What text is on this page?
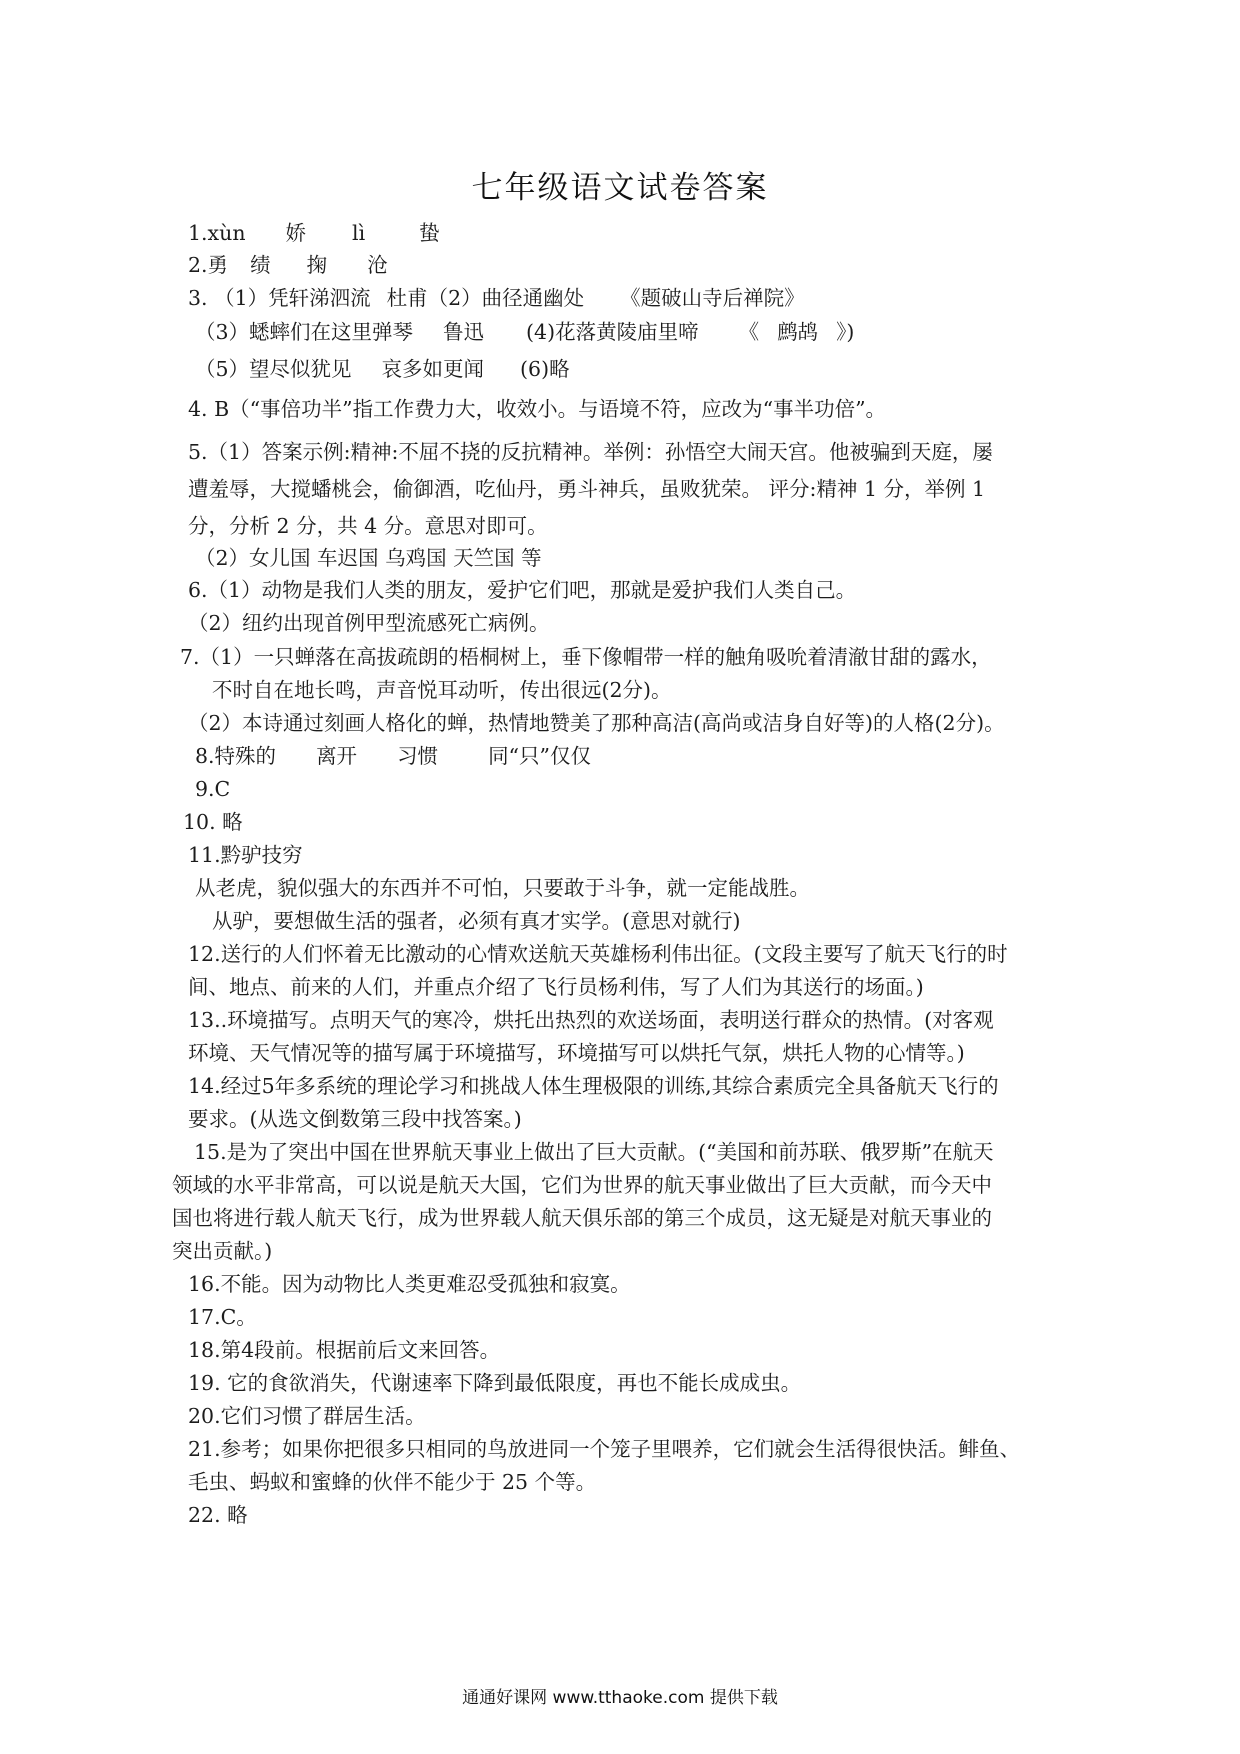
七年级语文试卷答案
1.xùn 娇 lì	蛰
2.勇 绩 掬 沧
3. （1）凭轩涕泗流 杜甫（2）曲径通幽处 《题破山寺后禅院》
（3）蟋蟀们在这里弹琴 鲁迅 (4)花落黄陵庙里啼 《 鹧鸪 》)
（5）望尽似犹见 哀多如更闻 (6)略
4. B（“事倍功半”指工作费力大，收效小。与语境不符，应改为“事半功倍”。
5.（1）答案示例:精神:不屈不挠的反抗精神。举例：孙悟空大闹天宫。他被骗到天庭，屡
遭羞辱，大搅蟠桃会，偷御酒，吃仙丹，勇斗神兵，虽败犹荣。 评分:精神 1 分，举例 1
分，分析 2 分，共 4 分。意思对即可。
（2）女儿国 车迟国 乌鸡国 天竺国 等
6.（1）动物是我们人类的朋友，爱护它们吧，那就是爱护我们人类自己。
（2）纽约出现首例甲型流感死亡病例。
7.（1）一只蝉落在高拔疏朗的梧桐树上，垂下像帽带一样的触角吸吮着清澈甘甜的露水，
不时自在地长鸣，声音悦耳动听，传出很远(2分)。
（2）本诗通过刻画人格化的蝉，热情地赞美了那种高洁(高尚或洁身自好等)的人格(2分)。
8.特殊的 离开 习惯 同“只”仅仅
9.C
10. 略
11.黔驴技穷
从老虎，貌似强大的东西并不可怕，只要敢于斗争，就一定能战胜。
从驴，要想做生活的强者，必须有真才实学。(意思对就行)
12.送行的人们怀着无比激动的心情欢送航天英雄杨利伟出征。(文段主要写了航天飞行的时
间、地点、前来的人们，并重点介绍了飞行员杨利伟，写了人们为其送行的场面。)
13..环境描写。点明天气的寒冷，烘托出热烈的欢送场面，表明送行群众的热情。(对客观
环境、天气情况等的描写属于环境描写，环境描写可以烘托气氛，烘托人物的心情等。)
14.经过5年多系统的理论学习和挑战人体生理极限的训练,其综合素质完全具备航天飞行的
要求。(从选文倒数第三段中找答案。)
15.是为了突出中国在世界航天事业上做出了巨大贡献。(“美国和前苏联、俄罗斯”在航天
领域的水平非常高，可以说是航天大国，它们为世界的航天事业做出了巨大贡献，而今天中
国也将进行载人航天飞行，成为世界载人航天俱乐部的第三个成员，这无疑是对航天事业的
突出贡献。)
16.不能。因为动物比人类更难忍受孤独和寂寞。
17.C。
18.第4段前。根据前后文来回答。
19. 它的食欲消失，代谢速率下降到最低限度，再也不能长成成虫。
20.它们习惯了群居生活。
21.参考；如果你把很多只相同的鸟放进同一个笼子里喂养，它们就会生活得很快活。鲱鱼、
毛虫、蚂蚁和蜜蜂的伙伴不能少于 25 个等。
22. 略
通通好课网 www.tthaoke.com 提供下载
